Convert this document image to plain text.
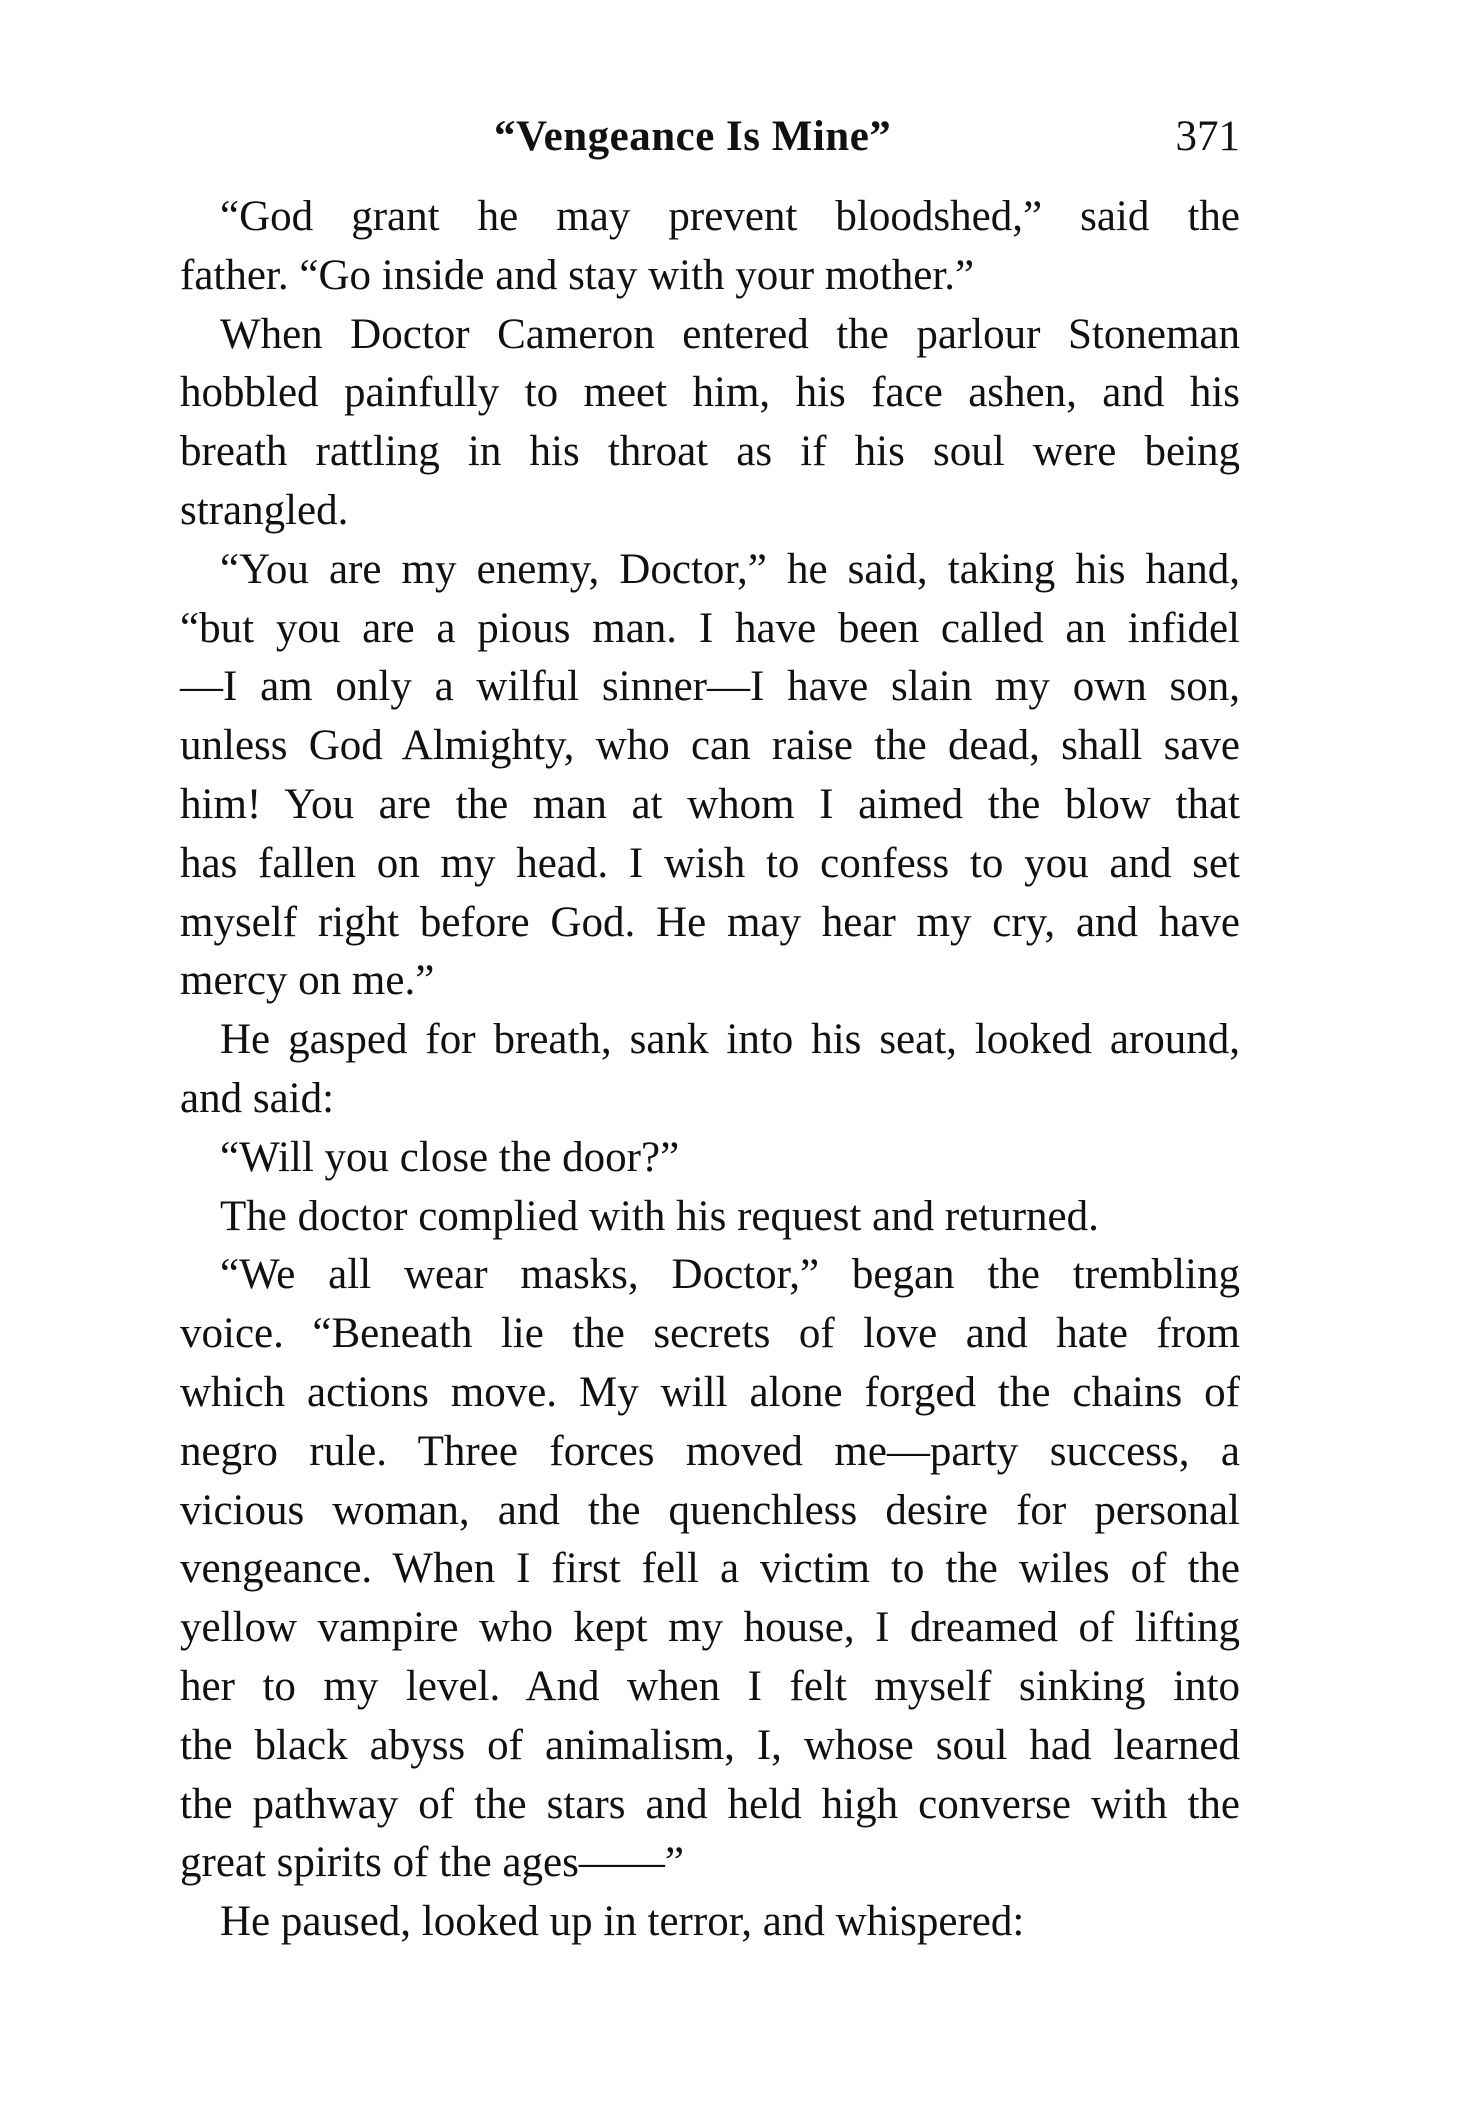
“Vengeance Is Mine”	371
“God grant he may prevent bloodshed,” said the
father. “Go inside and stay with your mother.”
When Doctor Cameron entered the parlour Stoneman
hobbled painfully to meet him, his face ashen, and his
breath rattling in his throat as if his soul were being
strangled.
“You are my enemy, Doctor,” he said, taking his hand,
“but you are a pious man. I have been called an infidel
—I am only a wilful sinner—I have slain my own son,
unless God Almighty, who can raise the dead, shall save
him! You are the man at whom I aimed the blow that
has fallen on my head. I wish to confess to you and set
myself right before God. He may hear my cry, and have
mercy on me.”
He gasped for breath, sank into his seat, looked around,
and said:
“Will you close the door?”
The doctor complied with his request and returned.
“We all wear masks, Doctor,” began the trembling
voice. “Beneath lie the secrets of love and hate from
which actions move. My will alone forged the chains of
negro rule. Three forces moved me—party success, a
vicious woman, and the quenchless desire for personal
vengeance. When I first fell a victim to the wiles of the
yellow vampire who kept my house, I dreamed of lifting
her to my level. And when I felt myself sinking into
the black abyss of animalism, I, whose soul had learned
the pathway of the stars and held high converse with the
great spirits of the ages——”
He paused, looked up in terror, and whispered:
